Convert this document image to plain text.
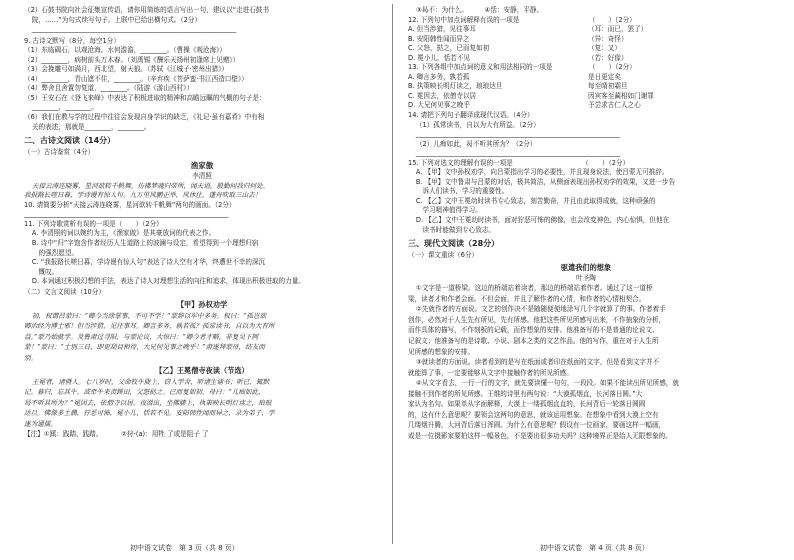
（2）石鼓书院向社会征集宣传语，请你用简练的语言写出一句，建议以“走进石鼓书

院，……”为句式续写句子。上联中已给出横句式。（2分）

______________________________________________________________

9. 古诗文默写（8分，每空1分）

（1）东临碣石，以观沧海。水何澹澹，________。（曹操《观沧海》）

（2）________，病树前头万木春。（刘禹锡《酬乐天扬州初逢席上见赠》）

（3）会挽雕弓如满月，西北望，射天狼。（苏轼《江城子·密州出猎》）

（4）________，青山遮不住，________。（辛弃疾《菩萨蛮·书江西造口壁》）

（4）弊舍且舍置勿复道，________。（陆游《游山西村》）

（5）王安石在《登飞来峰》中表达了积极进取的精神和高瞻远瞩的气概的句子是：

________，________。

（6）我们在教与学的过程中往往会发现自身学识的缺乏，《礼记·虽有嘉肴》中有相

关的表述，那就是________，________。

二、古诗文阅读（14分）

（一）古诗鉴赏（4分）

渔家傲

李清照

天接云涛连晓雾，星河欲转千帆舞。仿佛梦魂归帝所，闻天语，殷勤问我归何处。

我报路长嗟日暮，学诗谩有惊人句。九万里风鹏正举，风休住，蓬舟吹取三山去！

10. 请简要分析“天接云涛连晓雾，星河欲转千帆舞”两句的画面。（2分）

______________________________________________________________

11. 下列诗歌赏析有误的一项是（　　）（2分）

A. 李清照的词以婉约为主，《渔家傲》是其豪放词的代表之作。

B. 诗中“归”字饱含作者经历人生道路上的波澜与设定，希望得到一个理想归宿

　的强烈愿望。

C. “我报路长嗟日暮，学诗谩有惊人句”表达了诗人空有才华，终遭世不幸的深沉

　慨叹。

D. 本词通过积极幻想的手法，表达了诗人对理想生活的向往和追求，体现出积极进取的力量。

（二）文言文阅读（10分）

【甲】孙权劝学

初，权谓吕蒙曰：“卿今当涂掌事，不可不学！”蒙辞以军中多务。权曰：“孤岂欲

卿治经为博士邪！但当涉猎，见往事耳。卿言多务，孰若孤？孤常读书，自以为大有所

益。”蒙乃始就学。及鲁肃过寻阳，与蒙论议，大惊曰：“卿今者才略，非复吴下阿

蒙！”蒙曰：“士别三日，即更刮目相待，大兄何见事之晚乎！”肃遂拜蒙母，结友而

别。

【乙】王冕僧寺夜读（节选）

王冕者，诸暨人。七八岁时，父命牧牛陇上，窃入学舍，听诸生诵书；听已，辄默

记。暮归，忘其牛。或牵牛来责蹊田，父怒挞之。已而复如初。母曰：“儿痴如此，

曷不听其所为？”冕因去，依僧寺以居。夜潜出，坐佛膝上，执策映长明灯读之，琅琅

达旦。佛像多土偶，狞恶可怖，冕小儿，恬若不见。安阳韩性闻而异之，录为弟子，学

遂为通儒。

【注】①蹊：践踏，践踏。　　　	②狩-(a)：用牲 了或是阻子 了

③曷不：为什么。　　　④恬：安静，平静。

12. 下列句中加点词解释有误的一项是　　　　　　　　　　　（　　）（2分）

A. 但当涉猎，见往事耳	（耳：而已，罢了）
B. 安阳韩性闻而异之	（异：奇怪）
C. 父怒，挞之，已而复如初	（复：又）
D. 冕小儿，恬若不见	（若：好像）

13. 下列各组中加点词的意义和用法相同的一项是　　　　　　（　　）（2分）

A. 卿言多务，孰若孤	是日更定矣
B. 执策映长明灯读之，琅琅达旦	每至晴初霜旦
C. 冕因去，依僧寺以居	因宾客至蔺相如门谢罪
D. 大兄何见事之晚乎	予尝求古仁人之心

14. 请把下列句子翻译成现代汉语。（4分）

（1）孤常读书，自以为大有所益。（2分）

______________________________________________________________

（2）儿痴如此，曷不听其所为？（2分）

______________________________________________________________

15. 下列对选文的理解有误的一项是　　　　　　　　　　　（　　）（2分）

A. 【甲】文中孙权劝学，向吕蒙指出学习的必要性，并且现身说法，使吕蒙无可推辞。

B. 【甲】文中鲁肃与吕蒙的对话，极其简洁，从侧面表现出孙权劝学的效果，又进一步告

　诉人们读书，学习的重要性。

C. 【乙】文中王冕幼时读书专心致志，刻苦勤奋，并且由此取得成就，这种顽强的

　学习精神值得学习。

D. 【乙】文中王冕幼时读书，面对狞恶可怖的佛像，也会改变神色，内心惊惧，但他在

　读书时能做到专心致志。

三、现代文阅读（28分）

（一）课文重读（6分）

驱遣我们的想象

叶圣陶

①文字是一道桥梁。这边的桥端站着读者，那边的桥端站着作者。通过了这一道桥

梁，读者才和作者会面。不但会面，并且了解作者的心情，和作者的心情相契合。

②先就作者的方面说。文艺的创作决不是随随便便地涂写几个字就算了的事。作者着手

创作，必然对于人生先有所见，先有所感。他把这些所见所感写出来，不作抽象的分析，

而作具体的描写，不作刻板的记载，而作想象的安排。他准备写的不是普通的论说文、

记叙文；他准备写的是诗歌、小说、剧本之类的文艺作品。他的写作，重在对于人生所

见所感的想象的安排。

③就读者的方面说。读者看到的是写在纸面或者印在纸面的文字，但是看到文字并不

就能算了事，一定要能够从文字中接触作者的所见所感。

④从文字看去，一行一行的文字，就先要读懂一句句，一段段。如果不能读出所见所感，就

接触不到作者的所见所感。王维的诗里有两句说：“大漠孤烟直，长河落日圆。”大

家认为名句。如果单从字面解释，大漠上一缕孤烟直直的，长河背后一轮落日圆圆

的，这有什么意思呢？要领会这两句的意思，就该运用想象。在想象中看到大漠上空有

几缕烟升腾，大河背后落日浑圆。为什么有意思呢？假设有一位画家，要画这样一幅画，

或是一位摄影家要拍这样一幅景色，不是要出很多功夫吗？这种境界正是给人无限想象的。

初中语文试卷　第 3 页（共 8 页）	初中语文试卷　第 4 页（共 8 页）
